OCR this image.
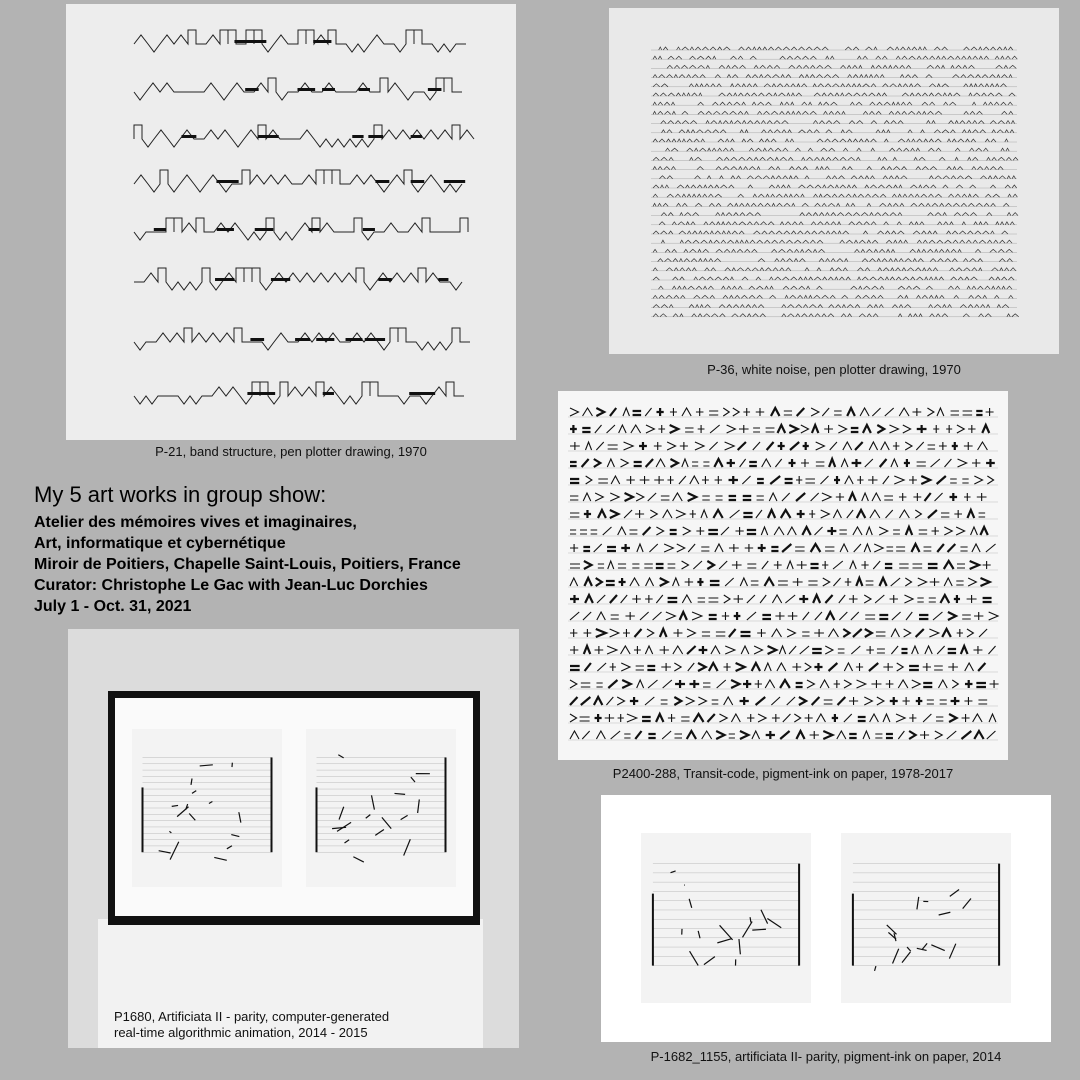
P-21, band structure, pen plotter drawing, 1970
P-36, white noise, pen plotter drawing, 1970
My 5 art works in group show:
Atelier des mémoires vives et imaginaires,
Art, informatique et cybernétique
Miroir de Poitiers, Chapelle Saint-Louis, Poitiers, France
Curator: Christophe Le Gac with Jean-Luc Dorchies
July 1 - Oct. 31, 2021
P2400-288, Transit-code, pigment-ink on paper, 1978-2017
P1680, Artificiata II - parity, computer-generated
real-time algorithmic animation, 2014 - 2015
P-1682_1155, artificiata II- parity, pigment-ink on paper, 2014
